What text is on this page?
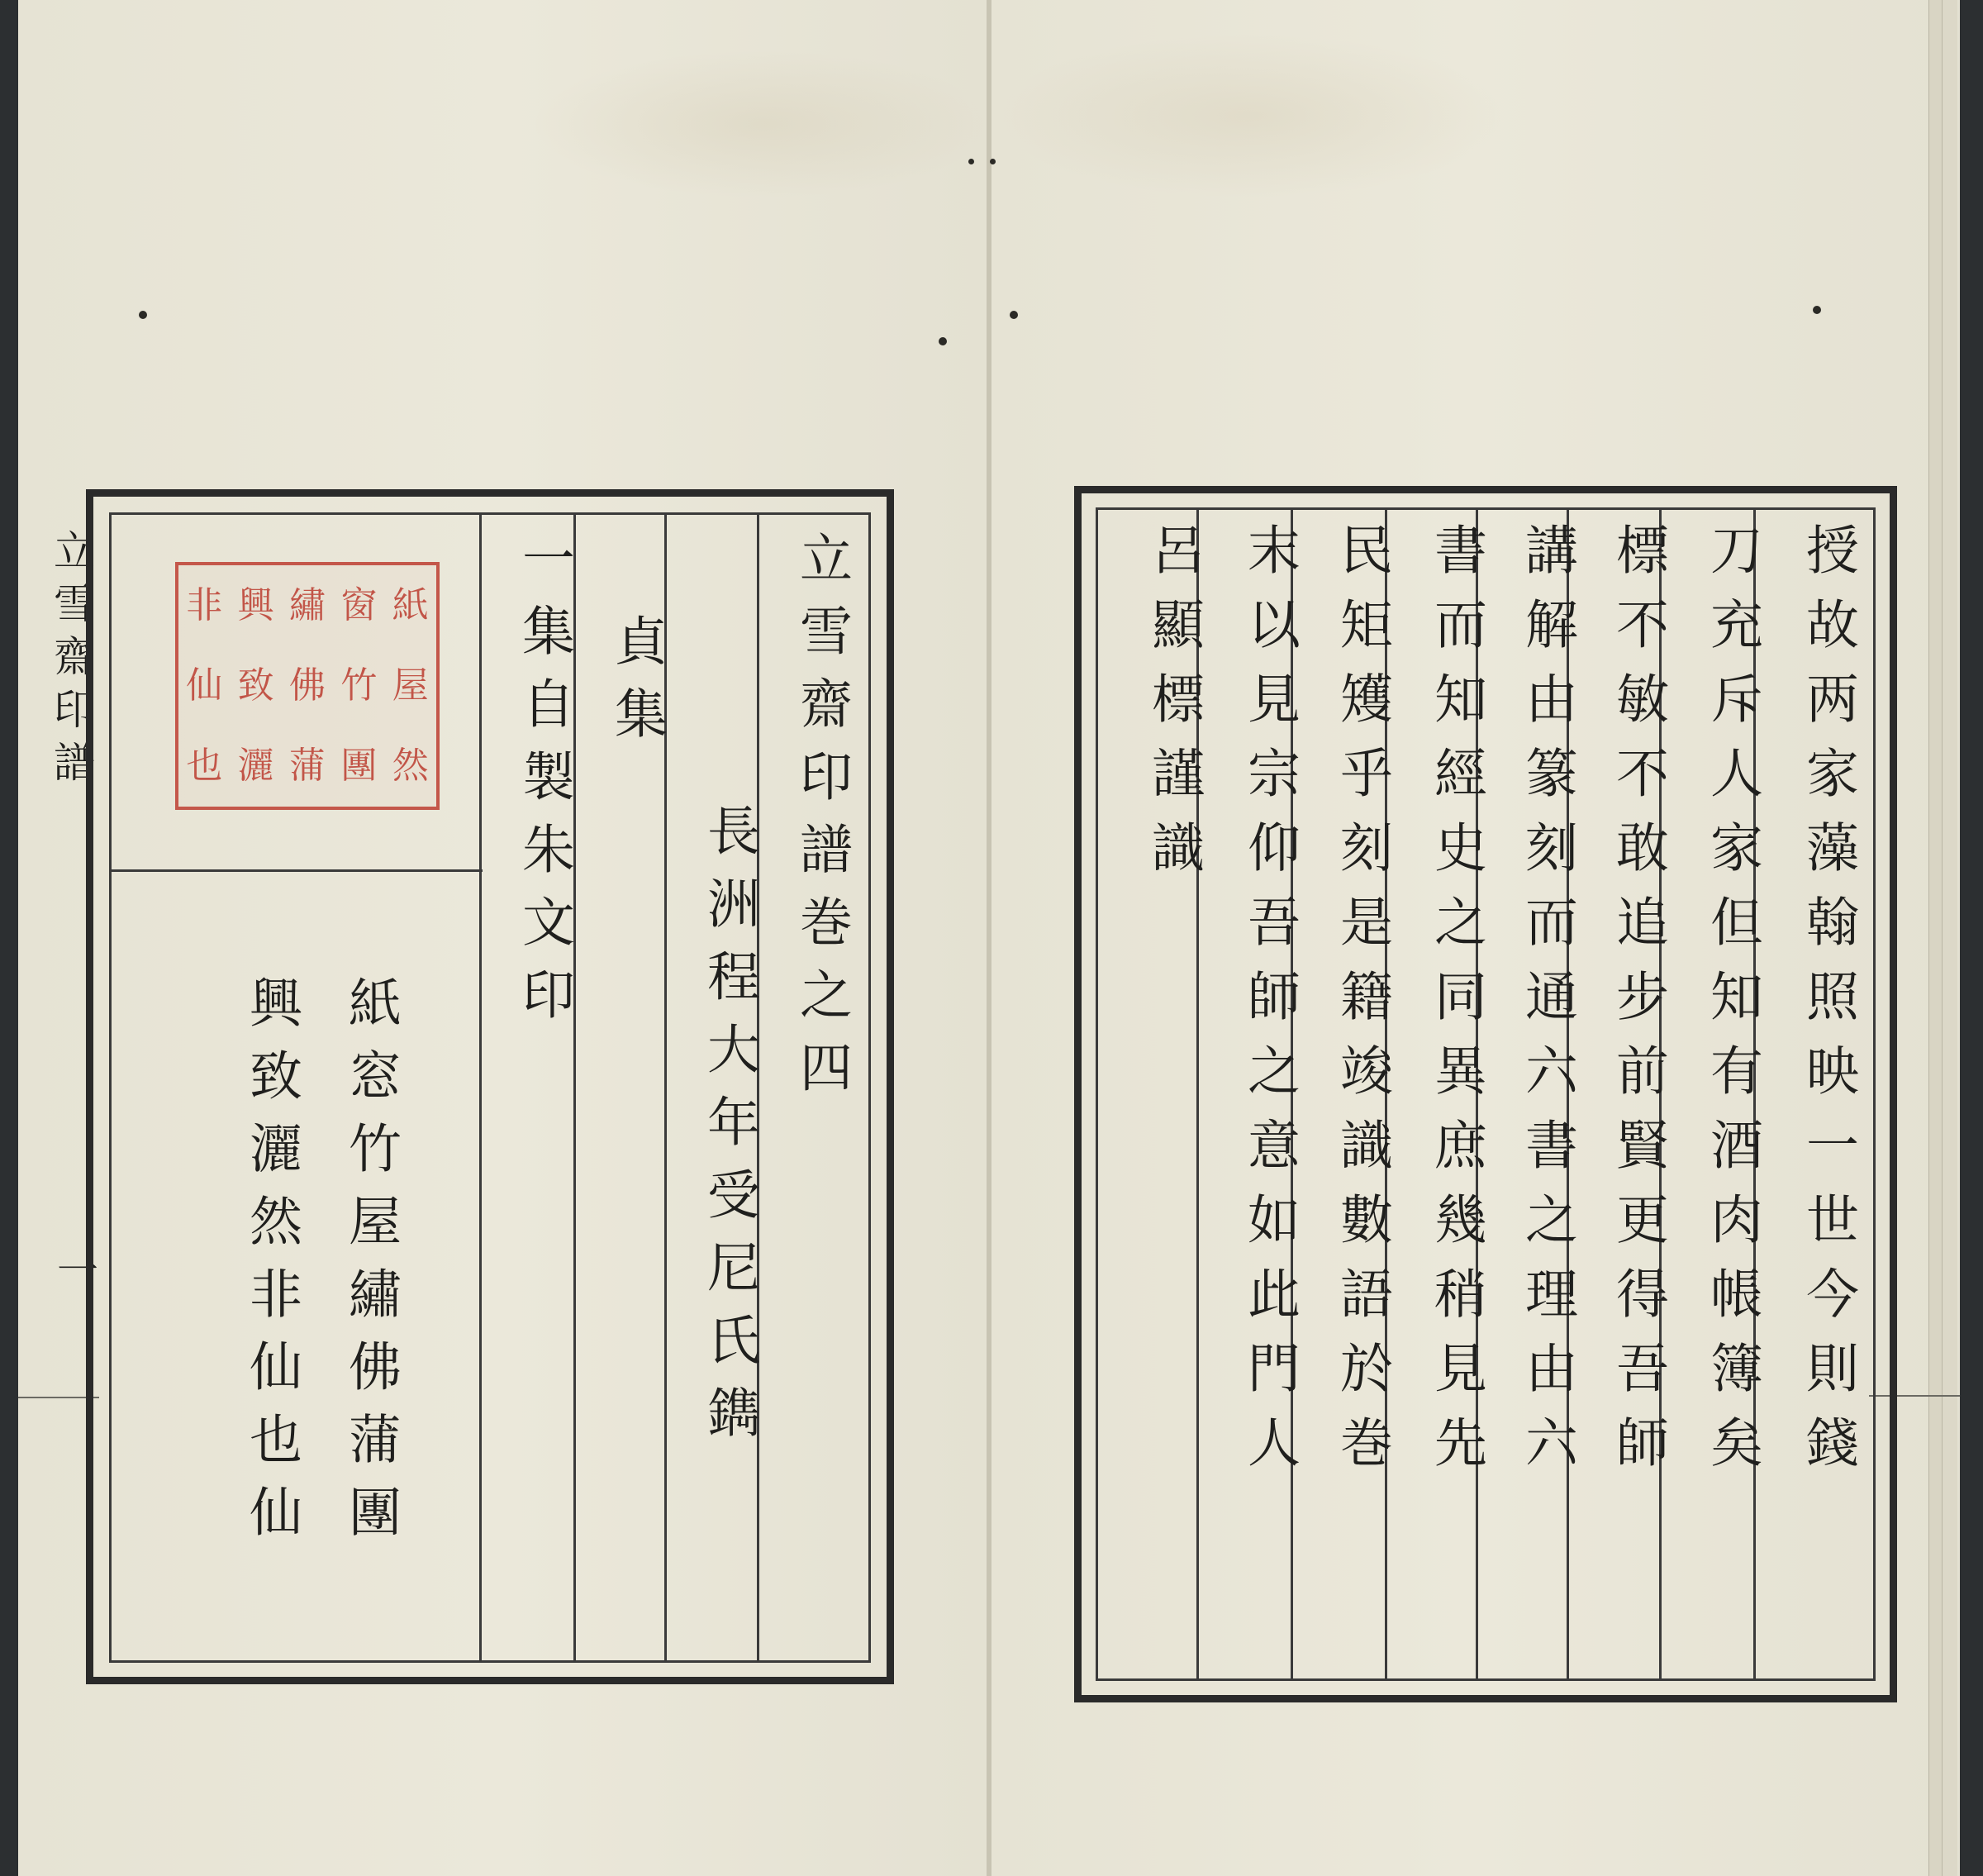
立雪齋印譜
一
非 興 繡 窗 紙
仙 致 佛 竹 屋
也 灑 蒲 團 然	立雪齋印譜巻之四
長洲程大年受尼氏鐫
貞集
一集自製朱文印
紙窓竹屋繡佛蒲團
興致灑然非仙也仙	授故两家藻翰照映一世今則錢
刀充斥人家但知有酒肉帳簿矣
標不敏不敢追步前賢更得吾師
講解由篆刻而通六書之理由六
書而知經史之同異庶幾稍見先
民矩矱乎刻是籍竣識數語於巻
末以見宗仰吾師之意如此門人
呂顯標謹識
